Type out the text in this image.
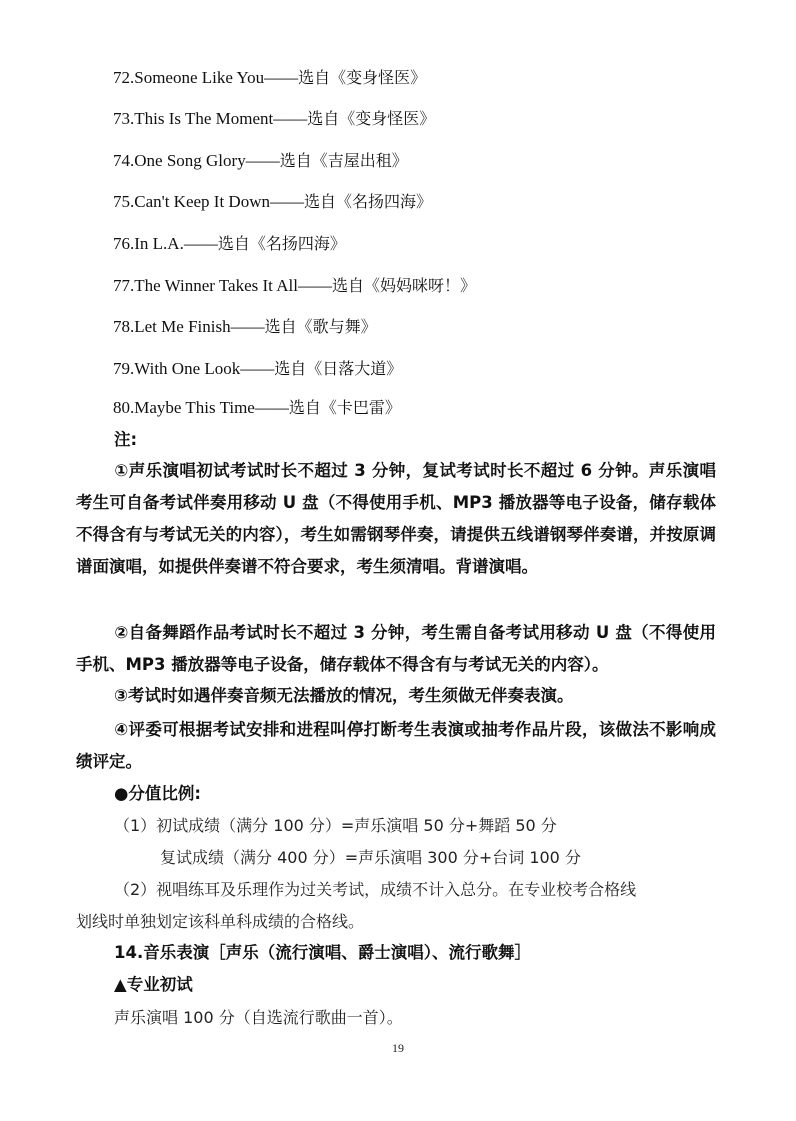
72.Someone Like You——选自《变身怪医》
73.This Is The Moment——选自《变身怪医》
74.One Song Glory——选自《吉屋出租》
75.Can't Keep It Down——选自《名扬四海》
76.In L.A.——选自《名扬四海》
77.The Winner Takes It All——选自《妈妈咪呀！》
78.Let Me Finish——选自《歌与舞》
79.With One Look——选自《日落大道》
80.Maybe This Time——选自《卡巴雷》
注:
①声乐演唱初试考试时长不超过 3 分钟，复试考试时长不超过 6 分钟。声乐演唱考生可自备考试伴奏用移动 U 盘（不得使用手机、MP3 播放器等电子设备，储存载体不得含有与考试无关的内容），考生如需钢琴伴奏，请提供五线谱钢琴伴奏谱，并按原调谱面演唱，如提供伴奏谱不符合要求，考生须清唱。背谱演唱。
②自备舞蹈作品考试时长不超过 3 分钟，考生需自备考试用移动 U 盘（不得使用手机、MP3 播放器等电子设备，储存载体不得含有与考试无关的内容）。
③考试时如遇伴奏音频无法播放的情况，考生须做无伴奏表演。
④评委可根据考试安排和进程叫停打断考生表演或抽考作品片段，该做法不影响成绩评定。
●分值比例:
（1）初试成绩（满分 100 分）=声乐演唱 50 分+舞蹈 50 分
复试成绩（满分 400 分）=声乐演唱 300 分+台词 100 分
（2）视唱练耳及乐理作为过关考试，成绩不计入总分。在专业校考合格线
划线时单独划定该科单科成绩的合格线。
14.音乐表演［声乐（流行演唱、爵士演唱）、流行歌舞］
▲专业初试
声乐演唱 100 分（自选流行歌曲一首）。
19
